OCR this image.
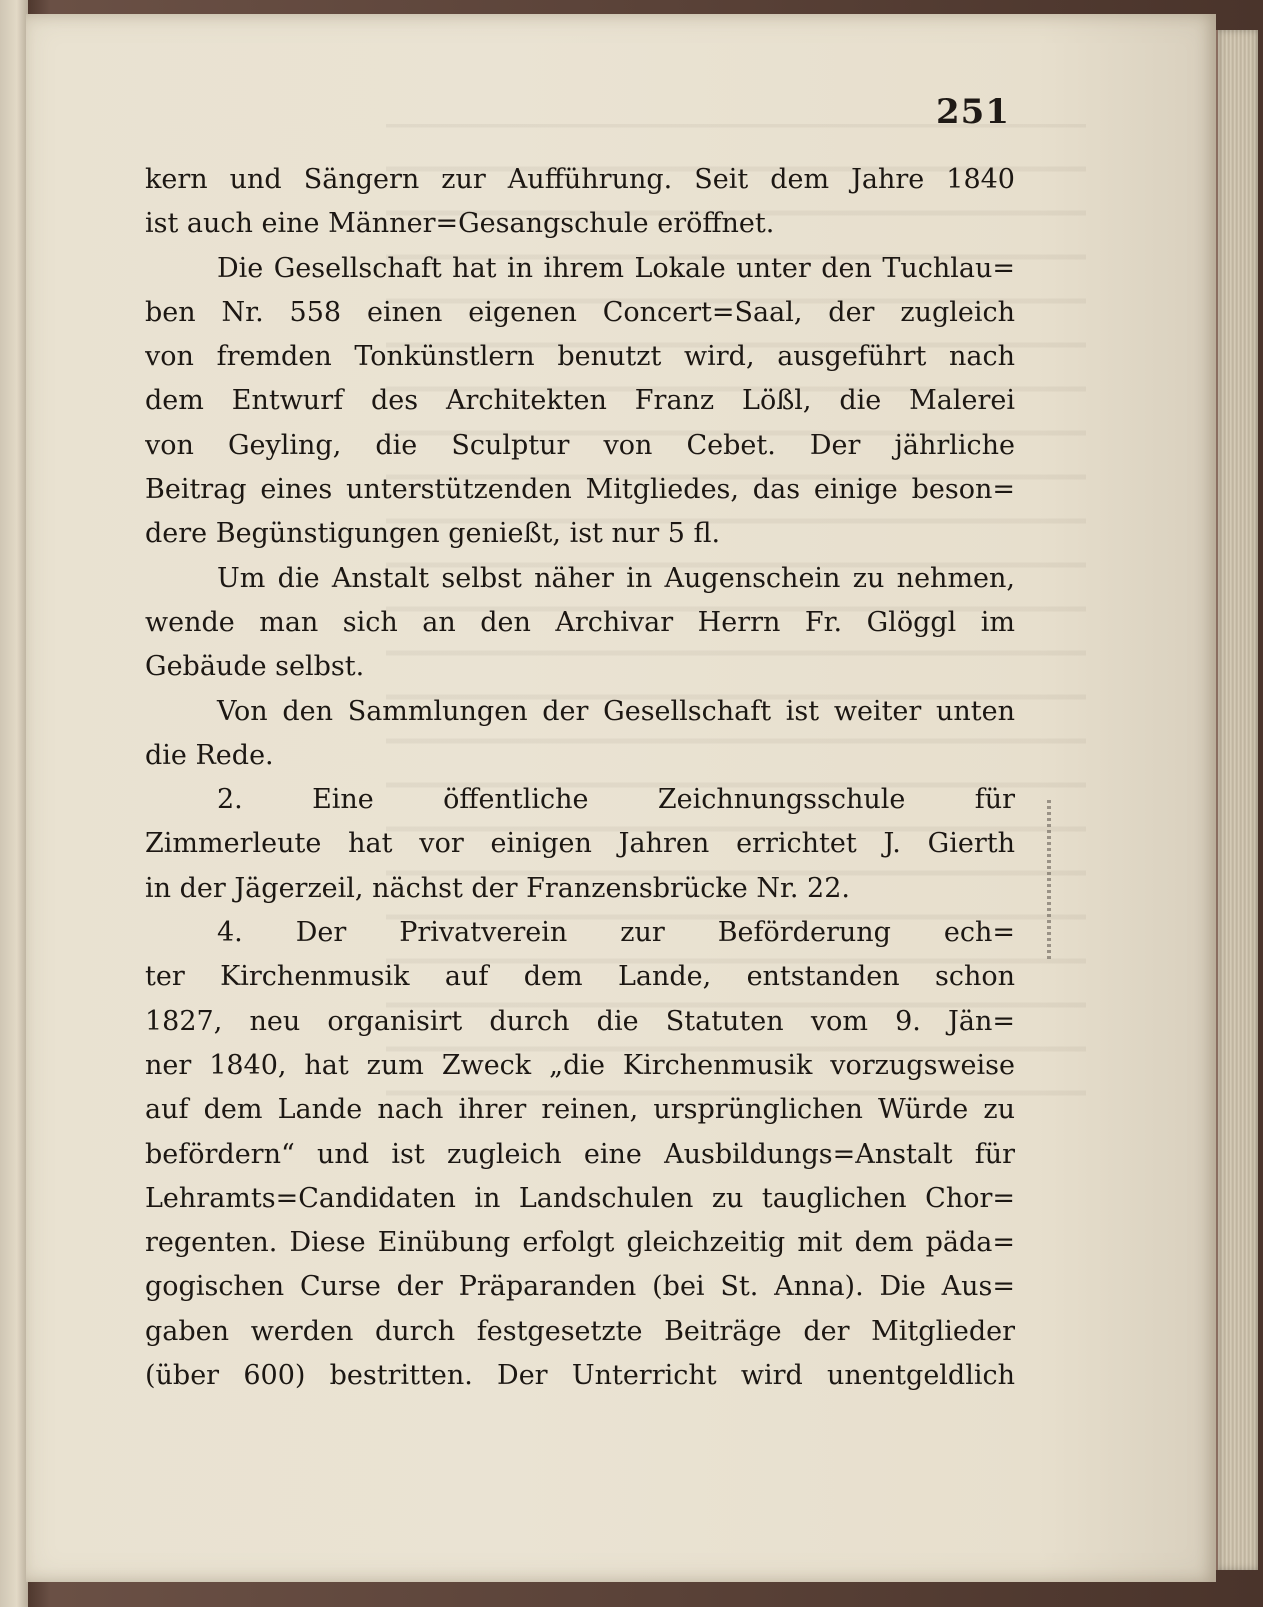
251
kern und Sängern zur Aufführung. Seit dem Jahre 1840
ist auch eine Männer=Gesangschule eröffnet.
Die Gesellschaft hat in ihrem Lokale unter den Tuchlau=
ben Nr. 558 einen eigenen Concert=Saal, der zugleich
von fremden Tonkünstlern benutzt wird, ausgeführt nach
dem Entwurf des Architekten Franz Lößl, die Malerei
von Geyling, die Sculptur von Cebet. Der jährliche
Beitrag eines unterstützenden Mitgliedes, das einige beson=
dere Begünstigungen genießt, ist nur 5 fl.
Um die Anstalt selbst näher in Augenschein zu nehmen,
wende man sich an den Archivar Herrn Fr. Glöggl im
Gebäude selbst.
Von den Sammlungen der Gesellschaft ist weiter unten
die Rede.
2. Eine öffentliche Zeichnungsschule für
Zimmerleute hat vor einigen Jahren errichtet J. Gierth
in der Jägerzeil, nächst der Franzensbrücke Nr. 22.
4. Der Privatverein zur Beförderung ech=
ter Kirchenmusik auf dem Lande, entstanden schon
1827, neu organisirt durch die Statuten vom 9. Jän=
ner 1840, hat zum Zweck „die Kirchenmusik vorzugsweise
auf dem Lande nach ihrer reinen, ursprünglichen Würde zu
befördern“ und ist zugleich eine Ausbildungs=Anstalt für
Lehramts=Candidaten in Landschulen zu tauglichen Chor=
regenten. Diese Einübung erfolgt gleichzeitig mit dem päda=
gogischen Curse der Präparanden (bei St. Anna). Die Aus=
gaben werden durch festgesetzte Beiträge der Mitglieder
(über 600) bestritten. Der Unterricht wird unentgeldlich
